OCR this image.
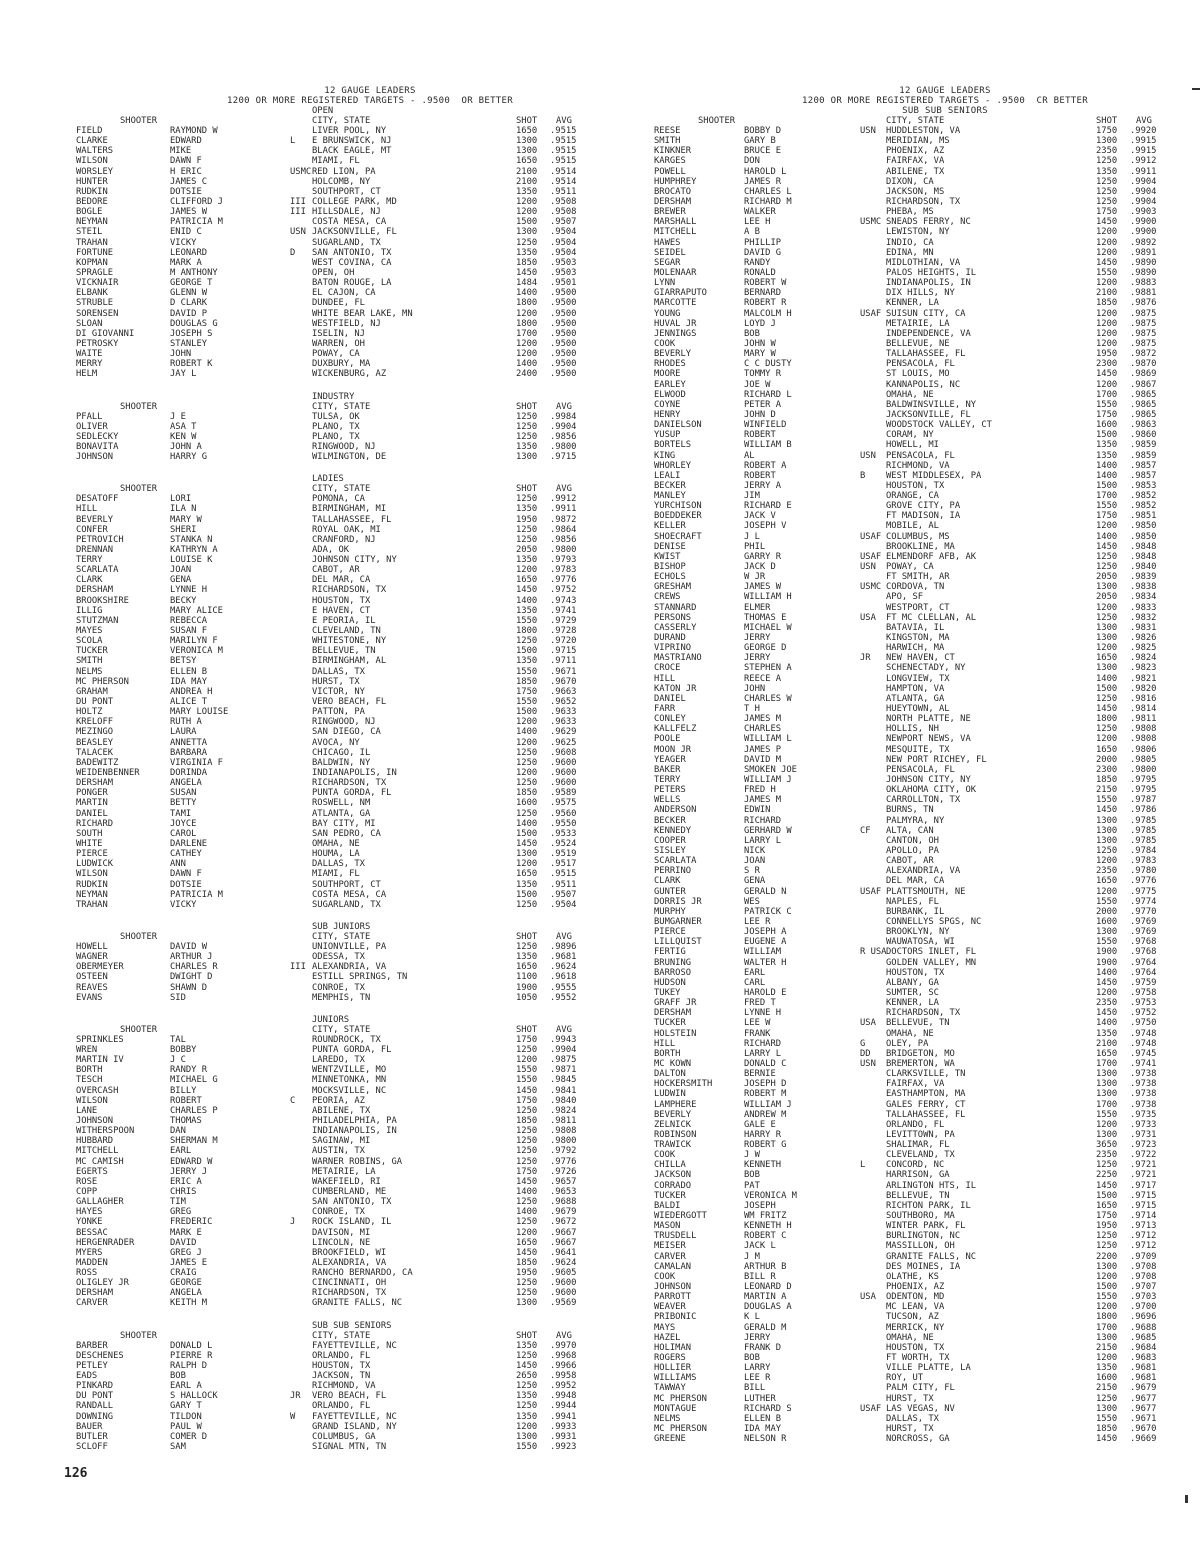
12 GAUGE LEADERS
1200 OR MORE REGISTERED TARGETS - .9500  OR BETTER
12 GAUGE LEADERS
1200 OR MORE REGISTERED TARGETS - .9500  CR BETTER
SUB SUB SENIORS
OPEN
SHOOTER	CITY, STATE	SHOT AVG
FIELD	RAYMOND W	LIVER POOL, NY	1650 .9515
CLARKE	EDWARD	L E BRUNSWICK, NJ	1300 .9515
WALTERS	MIKE	BLACK EAGLE, MT	1300 .9515
WILSON	DAWN F	MIAMI, FL	1650 .9515
WORSLEY	H ERIC	USMC RED LION, PA	2100 .9514
HUNTER	JAMES C	HOLCOMB, NY	2100 .9514
RUDKIN	DOTSIE	SOUTHPORT, CT	1350 .9511
BEDORE	CLIFFORD J	III COLLEGE PARK, MD	1200 .9508
BOGLE	JAMES W	III HILLSDALE, NJ	1200 .9508
NEYMAN	PATRICIA M	COSTA MESA, CA	1500 .9507
STEIL	ENID C	USN JACKSONVILLE, FL	1300 .9504
TRAHAN	VICKY	SUGARLAND, TX	1250 .9504
FORTUNE	LEONARD	D SAN ANTONIO, TX	1350 .9504
KOPMAN	MARK A	WEST COVINA, CA	1850 .9503
SPRAGLE	M ANTHONY	OPEN, OH	1450 .9503
VICKNAIR	GEORGE T	BATON ROUGE, LA	1484 .9501
ELBANK	GLENN W	EL CAJON, CA	1400 .9500
STRUBLE	D CLARK	DUNDEE, FL	1800 .9500
SORENSEN	DAVID P	WHITE BEAR LAKE, MN	1200 .9500
SLOAN	DOUGLAS G	WESTFIELD, NJ	1800 .9500
DI GIOVANNI	JOSEPH S	ISELIN, NJ	1700 .9500
PETROSKY	STANLEY	WARREN, OH	1200 .9500
WAITE	JOHN	POWAY, CA	1200 .9500
MERRY	ROBERT K	DUXBURY, MA	1400 .9500
HELM	JAY L	WICKENBURG, AZ	2400 .9500
INDUSTRY
SHOOTER	CITY, STATE	SHOT AVG
PFALL	J E	TULSA, OK	1250 .9984
OLIVER	ASA T	PLANO, TX	1250 .9904
SEDLECKY	KEN W	PLANO, TX	1250 .9856
BONAVITA	JOHN A	RINGWOOD, NJ	1350 .9800
JOHNSON	HARRY G	WILMINGTON, DE	1300 .9715
LADIES
SHOOTER	CITY, STATE	SHOT AVG
DESATOFF	LORI	POMONA, CA	1250 .9912
HILL	ILA N	BIRMINGHAM, MI	1350 .9911
BEVERLY	MARY W	TALLAHASSEE, FL	1950 .9872
CONFER	SHERI	ROYAL OAK, MI	1250 .9864
PETROVICH	STANKA N	CRANFORD, NJ	1250 .9856
DRENNAN	KATHRYN A	ADA, OK	2050 .9800
TERRY	LOUISE K	JOHNSON CITY, NY	1350 .9793
SCARLATA	JOAN	CABOT, AR	1200 .9783
CLARK	GENA	DEL MAR, CA	1650 .9776
DERSHAM	LYNNE H	RICHARDSON, TX	1450 .9752
BROOKSHIRE	BECKY	HOUSTON, TX	1400 .9743
ILLIG	MARY ALICE	E HAVEN, CT	1350 .9741
STUTZMAN	REBECCA	E PEORIA, IL	1550 .9729
MAYES	SUSAN F	CLEVELAND, TN	1800 .9728
SCOLA	MARILYN F	WHITESTONE, NY	1250 .9720
TUCKER	VERONICA M	BELLEVUE, TN	1500 .9715
SMITH	BETSY	BIRMINGHAM, AL	1350 .9711
NELMS	ELLEN B	DALLAS, TX	1550 .9671
MC PHERSON	IDA MAY	HURST, TX	1850 .9670
GRAHAM	ANDREA H	VICTOR, NY	1750 .9663
DU PONT	ALICE T	VERO BEACH, FL	1550 .9652
HOLTZ	MARY LOUISE	PATTON, PA	1500 .9633
KRELOFF	RUTH A	RINGWOOD, NJ	1200 .9633
MEZINGO	LAURA	SAN DIEGO, CA	1400 .9629
BEASLEY	ANNETTA	AVOCA, NY	1200 .9625
TALACEK	BARBARA	CHICAGO, IL	1250 .9608
BADEWITZ	VIRGINIA F	BALDWIN, NY	1250 .9600
WEIDENBENNER	DORINDA	INDIANAPOLIS, IN	1200 .9600
DERSHAM	ANGELA	RICHARDSON, TX	1250 .9600
PONGER	SUSAN	PUNTA GORDA, FL	1850 .9589
MARTIN	BETTY	ROSWELL, NM	1600 .9575
DANIEL	TAMI	ATLANTA, GA	1250 .9560
RICHARD	JOYCE	BAY CITY, MI	1400 .9550
SOUTH	CAROL	SAN PEDRO, CA	1500 .9533
WHITE	DARLENE	OMAHA, NE	1450 .9524
PIERCE	CATHEY	HOUMA, LA	1300 .9519
LUDWICK	ANN	DALLAS, TX	1200 .9517
WILSON	DAWN F	MIAMI, FL	1650 .9515
RUDKIN	DOTSIE	SOUTHPORT, CT	1350 .9511
NEYMAN	PATRICIA M	COSTA MESA, CA	1500 .9507
TRAHAN	VICKY	SUGARLAND, TX	1250 .9504
SUB JUNIORS
SHOOTER	CITY, STATE	SHOT AVG
HOWELL	DAVID W	UNIONVILLE, PA	1250 .9896
WAGNER	ARTHUR J	ODESSA, TX	1350 .9681
OBERMEYER	CHARLES R	III ALEXANDRIA, VA	1650 .9624
OSTEEN	DWIGHT D	ESTILL SPRINGS, TN	1100 .9618
REAVES	SHAWN D	CONROE, TX	1900 .9555
EVANS	SID	MEMPHIS, TN	1050 .9552
JUNIORS
SHOOTER	CITY, STATE	SHOT AVG
SPRINKLES	TAL	ROUNDROCK, TX	1750 .9943
WREN	BOBBY	PUNTA GORDA, FL	1250 .9904
MARTIN IV	J C	LAREDO, TX	1200 .9875
BORTH	RANDY R	WENTZVILLE, MO	1550 .9871
TESCH	MICHAEL G	MINNETONKA, MN	1550 .9845
OVERCASH	BILLY	MOCKSVILLE, NC	1450 .9841
WILSON	ROBERT	C PEORIA, AZ	1750 .9840
LANE	CHARLES P	ABILENE, TX	1250 .9824
JOHNSON	THOMAS	PHILADELPHIA, PA	1850 .9811
WITHERSPOON	DAN	INDIANAPOLIS, IN	1250 .9808
HUBBARD	SHERMAN M	SAGINAW, MI	1250 .9800
MITCHELL	EARL	AUSTIN, TX	1250 .9792
MC CAMISH	EDWARD W	WARNER ROBINS, GA	1250 .9776
EGERTS	JERRY J	METAIRIE, LA	1750 .9726
ROSE	ERIC A	WAKEFIELD, RI	1450 .9657
COPP	CHRIS	CUMBERLAND, ME	1400 .9653
GALLAGHER	TIM	SAN ANTONIO, TX	1250 .9688
HAYES	GREG	CONROE, TX	1400 .9679
YONKE	FREDERIC	J ROCK ISLAND, IL	1250 .9672
BESSAC	MARK E	DAVISON, MI	1200 .9667
HERGENRADER	DAVID	LINCOLN, NE	1650 .9667
MYERS	GREG J	BROOKFIELD, WI	1450 .9641
MADDEN	JAMES E	ALEXANDRIA, VA	1850 .9624
ROSS	CRAIG	RANCHO BERNARDO, CA	1950 .9605
OLIGLEY JR	GEORGE	CINCINNATI, OH	1250 .9600
DERSHAM	ANGELA	RICHARDSON, TX	1250 .9600
CARVER	KEITH M	GRANITE FALLS, NC	1300 .9569
SUB SUB SENIORS
SHOOTER	CITY, STATE	SHOT AVG
BARBER	DONALD L	FAYETTEVILLE, NC	1350 .9970
DESCHENES	PIERRE R	ORLANDO, FL	1250 .9968
PETLEY	RALPH D	HOUSTON, TX	1450 .9966
EADS	BOB	JACKSON, TN	2650 .9958
PINKARD	EARL A	RICHMOND, VA	1250 .9952
DU PONT	S HALLOCK	JR VERO BEACH, FL	1350 .9948
RANDALL	GARY T	ORLANDO, FL	1250 .9944
DOWNING	TILDON	W FAYETTEVILLE, NC	1350 .9941
BAUER	PAUL W	GRAND ISLAND, NY	1200 .9933
BUTLER	COMER D	COLUMBUS, GA	1300 .9931
SCLOFF	SAM	SIGNAL MTN, TN	1550 .9923
SHOOTER	CITY, STATE	SHOT AVG
REESE	BOBBY D	USN HUDDLESTON, VA	1750 .9920
SMITH	GARY B	MERIDIAN, MS	1300 .9915
KINKNER	BRUCE E	PHOENIX, AZ	2350 .9915
KARGES	DON	FAIRFAX, VA	1250 .9912
POWELL	HAROLD L	ABILENE, TX	1350 .9911
HUMPHREY	JAMES R	DIXON, CA	1250 .9904
BROCATO	CHARLES L	JACKSON, MS	1250 .9904
DERSHAM	RICHARD M	RICHARDSON, TX	1250 .9904
BREWER	WALKER	PHEBA, MS	1750 .9903
MARSHALL	LEE H	USMC SNEADS FERRY, NC	1450 .9900
MITCHELL	A B	LEWISTON, NY	1200 .9900
HAWES	PHILLIP	INDIO, CA	1200 .9892
SEIDEL	DAVID G	EDINA, MN	1200 .9891
SEGAR	RANDY	MIDLOTHIAN, VA	1450 .9890
MOLENAAR	RONALD	PALOS HEIGHTS, IL	1550 .9890
LYNN	ROBERT W	INDIANAPOLIS, IN	1200 .9883
GIARRAPUTO	BERNARD	DIX HILLS, NY	2100 .9881
MARCOTTE	ROBERT R	KENNER, LA	1850 .9876
YOUNG	MALCOLM H	USAF SUISUN CITY, CA	1200 .9875
HUVAL JR	LOYD J	METAIRIE, LA	1200 .9875
JENNINGS	BOB	INDEPENDENCE, VA	1200 .9875
COOK	JOHN W	BELLEVUE, NE	1200 .9875
BEVERLY	MARY W	TALLAHASSEE, FL	1950 .9872
RHODES	C C DUSTY	PENSACOLA, FL	2300 .9870
MOORE	TOMMY R	ST LOUIS, MO	1450 .9869
EARLEY	JOE W	KANNAPOLIS, NC	1200 .9867
ELWOOD	RICHARD L	OMAHA, NE	1700 .9865
COYNE	PETER A	BALDWINSVILLE, NY	1550 .9865
HENRY	JOHN D	JACKSONVILLE, FL	1750 .9865
DANIELSON	WINFIELD	WOODSTOCK VALLEY, CT	1600 .9863
YUSUP	ROBERT	CORAM, NY	1500 .9860
BORTELS	WILLIAM B	HOWELL, MI	1350 .9859
KING	AL	USN PENSACOLA, FL	1350 .9859
WHORLEY	ROBERT A	RICHMOND, VA	1400 .9857
LEALI	ROBERT	B WEST MIDDLESEX, PA	1400 .9857
BECKER	JERRY A	HOUSTON, TX	1500 .9853
MANLEY	JIM	ORANGE, CA	1700 .9852
YURCHISON	RICHARD E	GROVE CITY, PA	1550 .9852
BOEDDEKER	JACK V	FT MADISON, IA	1750 .9851
KELLER	JOSEPH V	MOBILE, AL	1200 .9850
SHOECRAFT	J L	USAF COLUMBUS, MS	1400 .9850
DENISE	PHIL	BROOKLINE, MA	1450 .9848
KWIST	GARRY R	USAF ELMENDORF AFB, AK	1250 .9848
BISHOP	JACK D	USN POWAY, CA	1250 .9840
ECHOLS	W JR	FT SMITH, AR	2050 .9839
GRESHAM	JAMES W	USMC CORDOVA, TN	1300 .9838
CREWS	WILLIAM H	APO, SF	2050 .9834
STANNARD	ELMER	WESTPORT, CT	1200 .9833
PERSONS	THOMAS E	USA FT MC CLELLAN, AL	1250 .9832
CASSERLY	MICHAEL W	BATAVIA, IL	1300 .9831
DURAND	JERRY	KINGSTON, MA	1300 .9826
VIPRINO	GEORGE D	HARWICH, MA	1200 .9825
MASTRIANO	JERRY	JR NEW HAVEN, CT	1650 .9824
CROCE	STEPHEN A	SCHENECTADY, NY	1300 .9823
HILL	REECE A	LONGVIEW, TX	1400 .9821
KATON JR	JOHN	HAMPTON, VA	1500 .9820
DANIEL	CHARLES W	ATLANTA, GA	1250 .9816
FARR	T H	HUEYTOWN, AL	1450 .9814
CONLEY	JAMES M	NORTH PLATTE, NE	1800 .9811
KALLFELZ	CHARLES	HOLLIS, NH	1250 .9808
POOLE	WILLIAM L	NEWPORT NEWS, VA	1200 .9808
MOON JR	JAMES P	MESQUITE, TX	1650 .9806
YEAGER	DAVID M	NEW PORT RICHEY, FL	2000 .9805
BAKER	SMOKEN JOE	PENSACOLA, FL	2300 .9800
TERRY	WILLIAM J	JOHNSON CITY, NY	1850 .9795
PETERS	FRED H	OKLAHOMA CITY, OK	2150 .9795
WELLS	JAMES M	CARROLLTON, TX	1550 .9787
ANDERSON	EDWIN	BURNS, TN	1450 .9786
BECKER	RICHARD	PALMYRA, NY	1300 .9785
KENNEDY	GERHARD W	CF ALTA, CAN	1300 .9785
COOPER	LARRY L	CANTON, OH	1300 .9785
SISLEY	NICK	APOLLO, PA	1250 .9784
SCARLATA	JOAN	CABOT, AR	1200 .9783
PERRINO	S R	ALEXANDRIA, VA	2350 .9780
CLARK	GENA	DEL MAR, CA	1650 .9776
GUNTER	GERALD N	USAF PLATTSMOUTH, NE	1200 .9775
DORRIS JR	WES	NAPLES, FL	1550 .9774
MURPHY	PATRICK C	BURBANK, IL	2000 .9770
BUMGARNER	LEE R	CONNELLYS SPGS, NC	1600 .9769
PIERCE	JOSEPH A	BROOKLYN, NY	1300 .9769
LILLQUIST	EUGENE A	WAUWATOSA, WI	1550 .9768
FERTIG	WILLIAM	R USA DOCTORS INLET, FL	1900 .9768
BRUNING	WALTER H	GOLDEN VALLEY, MN	1900 .9764
BARROSO	EARL	HOUSTON, TX	1400 .9764
HUDSON	CARL	ALBANY, GA	1450 .9759
TUKEY	HAROLD E	SUMTER, SC	1200 .9758
GRAFF JR	FRED T	KENNER, LA	2350 .9753
DERSHAM	LYNNE H	RICHARDSON, TX	1450 .9752
TUCKER	LEE W	USA BELLEVUE, TN	1400 .9750
HOLSTEIN	FRANK	OMAHA, NE	1350 .9748
HILL	RICHARD	G OLEY, PA	2100 .9748
BORTH	LARRY L	DD BRIDGETON, MO	1650 .9745
MC KOWN	DONALD C	USN BREMERTON, WA	1700 .9741
DALTON	BERNIE	CLARKSVILLE, TN	1300 .9738
HOCKERSMITH	JOSEPH D	FAIRFAX, VA	1300 .9738
LUDWIN	ROBERT M	EASTHAMPTON, MA	1300 .9738
LAMPHERE	WILLIAM J	GALES FERRY, CT	1700 .9738
BEVERLY	ANDREW M	TALLAHASSEE, FL	1550 .9735
ZELNICK	GALE E	ORLANDO, FL	1200 .9733
ROBINSON	HARRY R	LEVITTOWN, PA	1300 .9731
TRAWICK	ROBERT G	SHALIMAR, FL	3650 .9723
COOK	J W	CLEVELAND, TX	2350 .9722
CHILLA	KENNETH	L CONCORD, NC	1250 .9721
JACKSON	BOB	HARRISON, GA	2250 .9721
CORRADO	PAT	ARLINGTON HTS, IL	1450 .9717
TUCKER	VERONICA M	BELLEVUE, TN	1500 .9715
BALDI	JOSEPH	RICHTON PARK, IL	1650 .9715
WIEDERGOTT	WM FRITZ	SOUTHBORO, MA	1750 .9714
MASON	KENNETH H	WINTER PARK, FL	1950 .9713
TRUSDELL	ROBERT C	BURLINGTON, NC	1250 .9712
MEISER	JACK L	MASSILLON, OH	1250 .9712
CARVER	J M	GRANITE FALLS, NC	2200 .9709
CAMALAN	ARTHUR B	DES MOINES, IA	1300 .9708
COOK	BILL R	OLATHE, KS	1200 .9708
JOHNSON	LEONARD D	PHOENIX, AZ	1500 .9707
PARROTT	MARTIN A	USA ODENTON, MD	1550 .9703
WEAVER	DOUGLAS A	MC LEAN, VA	1200 .9700
PRIBONIC	K L	TUCSON, AZ	1800 .9696
MAYS	GERALD M	MERRICK, NY	1700 .9688
HAZEL	JERRY	OMAHA, NE	1300 .9685
HOLIMAN	FRANK D	HOUSTON, TX	2150 .9684
ROGERS	BOB	FT WORTH, TX	1200 .9683
HOLLIER	LARRY	VILLE PLATTE, LA	1350 .9681
WILLIAMS	LEE R	ROY, UT	1600 .9681
TAWWAY	BILL	PALM CITY, FL	2150 .9679
MC PHERSON	LUTHER	HURST, TX	1250 .9677
MONTAGUE	RICHARD S	USAF LAS VEGAS, NV	1300 .9677
NELMS	ELLEN B	DALLAS, TX	1550 .9671
MC PHERSON	IDA MAY	HURST, TX	1850 .9670
GREENE	NELSON R	NORCROSS, GA	1450 .9669
126
